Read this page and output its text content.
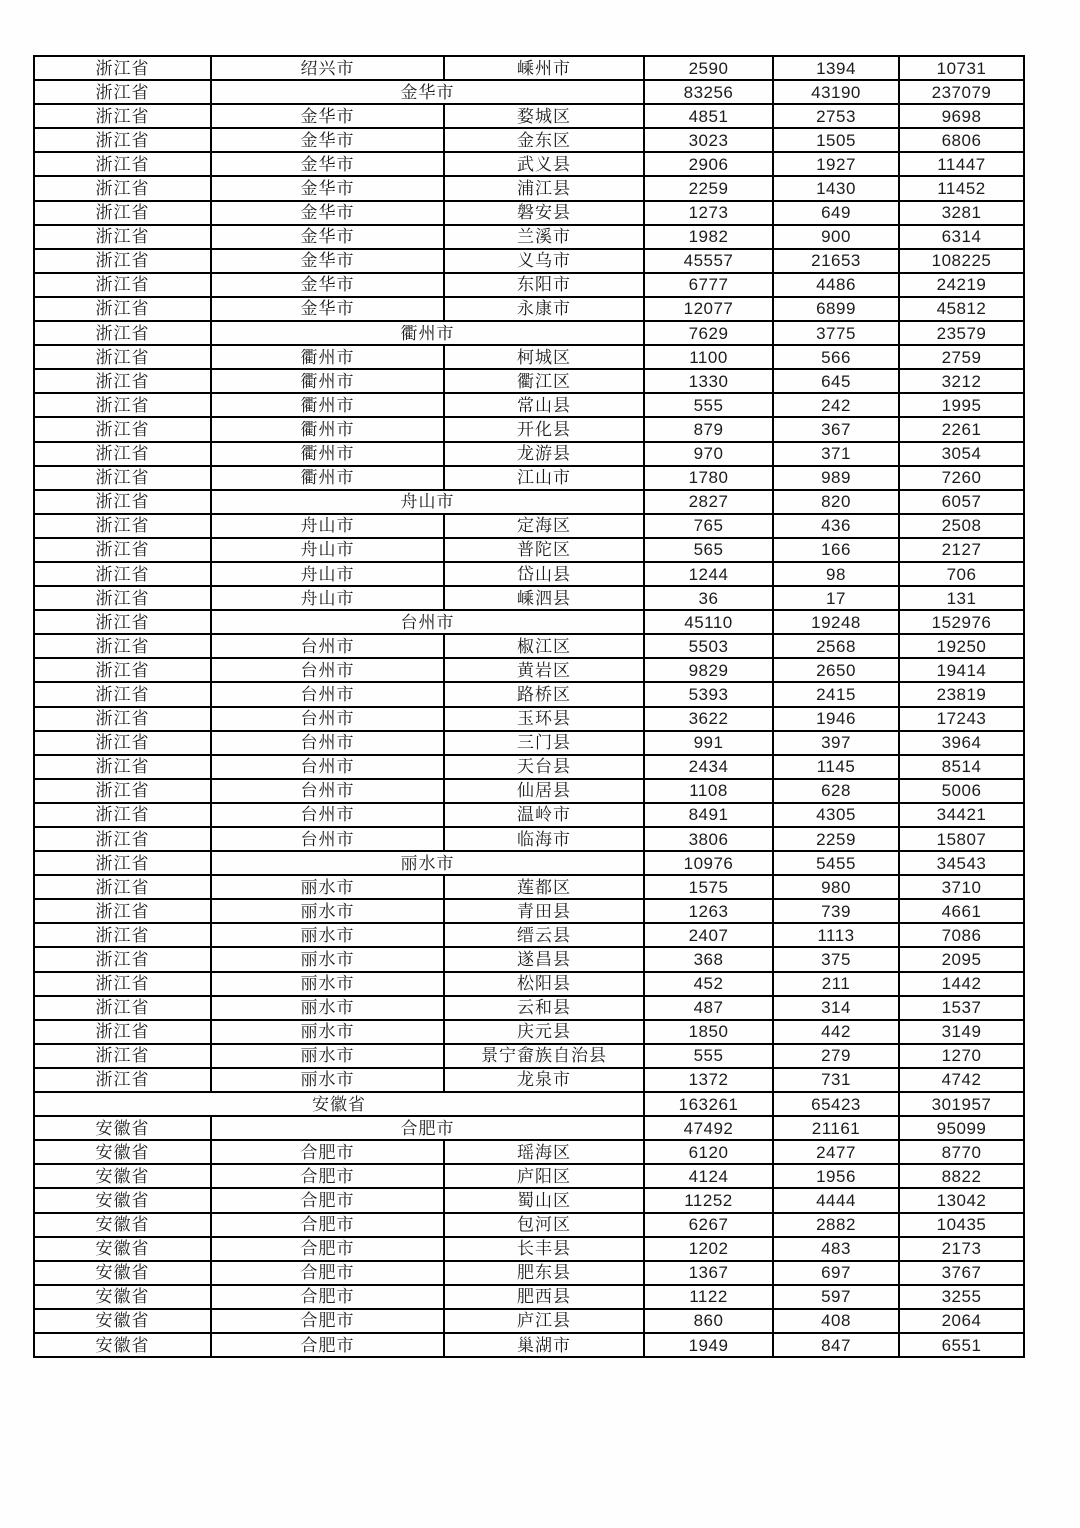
浙江省	绍兴市	嵊州市	2590	1394	10731
浙江省	金华市		83256	43190	237079
浙江省	金华市	婺城区	4851	2753	9698
浙江省	金华市	金东区	3023	1505	6806
浙江省	金华市	武义县	2906	1927	11447
浙江省	金华市	浦江县	2259	1430	11452
浙江省	金华市	磐安县	1273	649	3281
浙江省	金华市	兰溪市	1982	900	6314
浙江省	金华市	义乌市	45557	21653	108225
浙江省	金华市	东阳市	6777	4486	24219
浙江省	金华市	永康市	12077	6899	45812
浙江省	衢州市		7629	3775	23579
浙江省	衢州市	柯城区	1100	566	2759
浙江省	衢州市	衢江区	1330	645	3212
浙江省	衢州市	常山县	555	242	1995
浙江省	衢州市	开化县	879	367	2261
浙江省	衢州市	龙游县	970	371	3054
浙江省	衢州市	江山市	1780	989	7260
浙江省	舟山市		2827	820	6057
浙江省	舟山市	定海区	765	436	2508
浙江省	舟山市	普陀区	565	166	2127
浙江省	舟山市	岱山县	1244	98	706
浙江省	舟山市	嵊泗县	36	17	131
浙江省	台州市		45110	19248	152976
浙江省	台州市	椒江区	5503	2568	19250
浙江省	台州市	黄岩区	9829	2650	19414
浙江省	台州市	路桥区	5393	2415	23819
浙江省	台州市	玉环县	3622	1946	17243
浙江省	台州市	三门县	991	397	3964
浙江省	台州市	天台县	2434	1145	8514
浙江省	台州市	仙居县	1108	628	5006
浙江省	台州市	温岭市	8491	4305	34421
浙江省	台州市	临海市	3806	2259	15807
浙江省	丽水市		10976	5455	34543
浙江省	丽水市	莲都区	1575	980	3710
浙江省	丽水市	青田县	1263	739	4661
浙江省	丽水市	缙云县	2407	1113	7086
浙江省	丽水市	遂昌县	368	375	2095
浙江省	丽水市	松阳县	452	211	1442
浙江省	丽水市	云和县	487	314	1537
浙江省	丽水市	庆元县	1850	442	3149
浙江省	丽水市	景宁畲族自治县	555	279	1270
浙江省	丽水市	龙泉市	1372	731	4742
安徽省			163261	65423	301957
安徽省	合肥市		47492	21161	95099
安徽省	合肥市	瑶海区	6120	2477	8770
安徽省	合肥市	庐阳区	4124	1956	8822
安徽省	合肥市	蜀山区	11252	4444	13042
安徽省	合肥市	包河区	6267	2882	10435
安徽省	合肥市	长丰县	1202	483	2173
安徽省	合肥市	肥东县	1367	697	3767
安徽省	合肥市	肥西县	1122	597	3255
安徽省	合肥市	庐江县	860	408	2064
安徽省	合肥市	巢湖市	1949	847	6551
